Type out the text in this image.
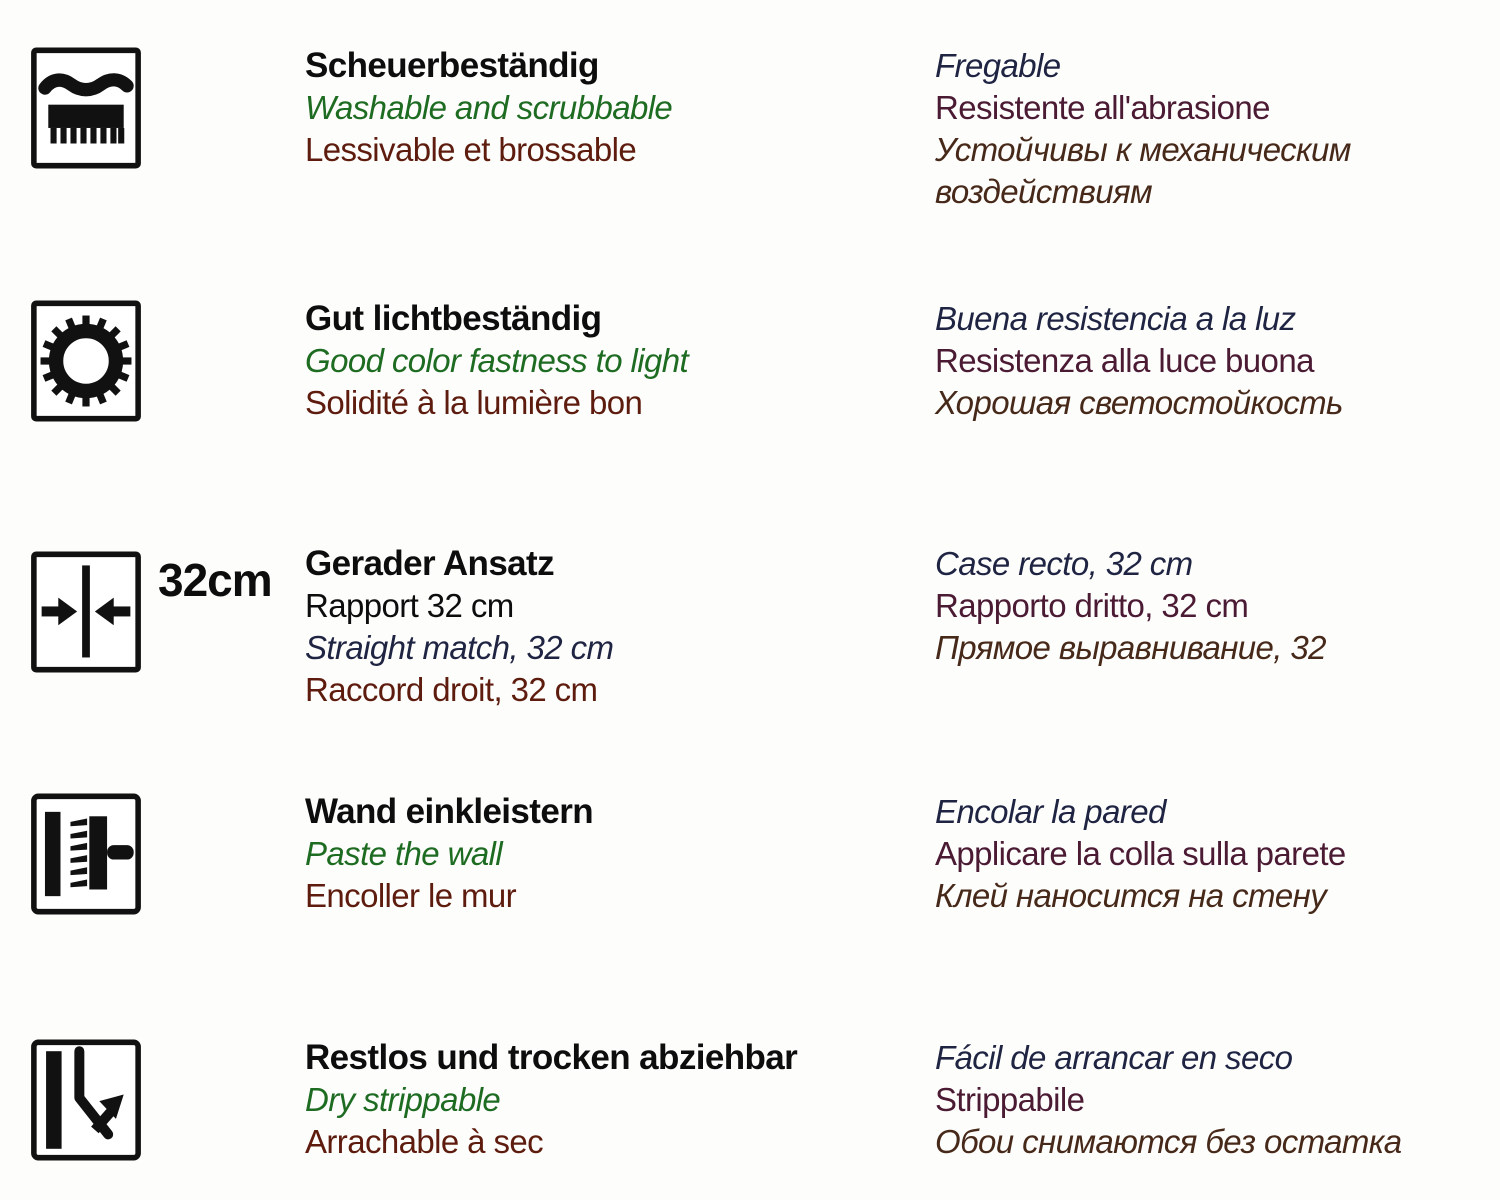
Scheuerbeständig
Washable and scrubbable
Lessivable et brossable
Fregable
Resistente all'abrasione
Устойчивы к механическим воздействиям
Gut lichtbeständig
Good color fastness to light
Solidité à la lumière bon
Buena resistencia a la luz
Resistenza alla luce buona
Хорошая светостойкость
32cm Gerader Ansatz
Rapport 32 cm
Straight match, 32 cm
Raccord droit, 32 cm
Case recto, 32 cm
Rapporto dritto, 32 cm
Прямое выравнивание, 32
Wand einkleistern
Paste the wall
Encoller le mur
Encolar la pared
Applicare la colla sulla parete
Клей наносится на стену
Restlos und trocken abziehbar
Dry strippable
Arrachable à sec
Fácil de arrancar en seco
Strippabile
Обои снимаются без остатка
